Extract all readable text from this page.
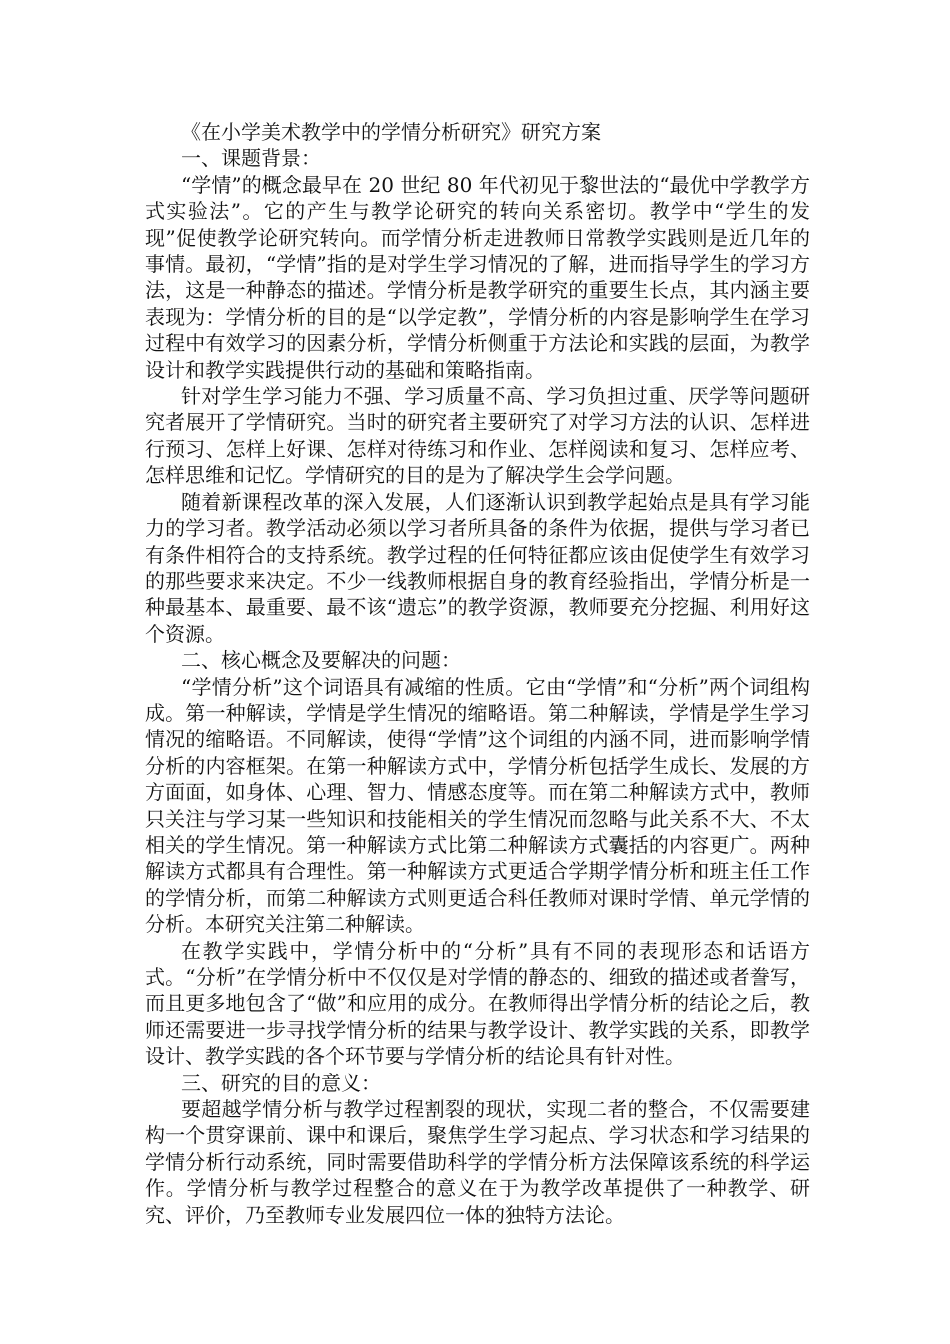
《在小学美术教学中的学情分析研究》研究方案

一、课题背景：

“学情”的概念最早在 20 世纪 80 年代初见于黎世法的“最优中学教学方式实验法”。它的产生与教学论研究的转向关系密切。教学中“学生的发现”促使教学论研究转向。而学情分析走进教师日常教学实践则是近几年的事情。最初，“学情”指的是对学生学习情况的了解，进而指导学生的学习方法，这是一种静态的描述。学情分析是教学研究的重要生长点，其内涵主要表现为：学情分析的目的是“以学定教”，学情分析的内容是影响学生在学习过程中有效学习的因素分析，学情分析侧重于方法论和实践的层面，为教学设计和教学实践提供行动的基础和策略指南。

针对学生学习能力不强、学习质量不高、学习负担过重、厌学等问题研究者展开了学情研究。当时的研究者主要研究了对学习方法的认识、怎样进行预习、怎样上好课、怎样对待练习和作业、怎样阅读和复习、怎样应考、怎样思维和记忆。学情研究的目的是为了解决学生会学问题。

随着新课程改革的深入发展，人们逐渐认识到教学起始点是具有学习能力的学习者。教学活动必须以学习者所具备的条件为依据，提供与学习者已有条件相符合的支持系统。教学过程的任何特征都应该由促使学生有效学习的那些要求来决定。不少一线教师根据自身的教育经验指出，学情分析是一种最基本、最重要、最不该“遗忘”的教学资源，教师要充分挖掘、利用好这个资源。

二、核心概念及要解决的问题：

“学情分析”这个词语具有减缩的性质。它由“学情”和“分析”两个词组构成。第一种解读，学情是学生情况的缩略语。第二种解读，学情是学生学习情况的缩略语。不同解读，使得“学情”这个词组的内涵不同，进而影响学情分析的内容框架。在第一种解读方式中，学情分析包括学生成长、发展的方方面面，如身体、心理、智力、情感态度等。而在第二种解读方式中，教师只关注与学习某一些知识和技能相关的学生情况而忽略与此关系不大、不太相关的学生情况。第一种解读方式比第二种解读方式囊括的内容更广。两种解读方式都具有合理性。第一种解读方式更适合学期学情分析和班主任工作的学情分析，而第二种解读方式则更适合科任教师对课时学情、单元学情的分析。本研究关注第二种解读。

在教学实践中，学情分析中的“分析”具有不同的表现形态和话语方式。“分析”在学情分析中不仅仅是对学情的静态的、细致的描述或者誊写，而且更多地包含了“做”和应用的成分。在教师得出学情分析的结论之后，教师还需要进一步寻找学情分析的结果与教学设计、教学实践的关系，即教学设计、教学实践的各个环节要与学情分析的结论具有针对性。

三、研究的目的意义：

要超越学情分析与教学过程割裂的现状，实现二者的整合，不仅需要建构一个贯穿课前、课中和课后，聚焦学生学习起点、学习状态和学习结果的学情分析行动系统，同时需要借助科学的学情分析方法保障该系统的科学运作。学情分析与教学过程整合的意义在于为教学改革提供了一种教学、研究、评价，乃至教师专业发展四位一体的独特方法论。
